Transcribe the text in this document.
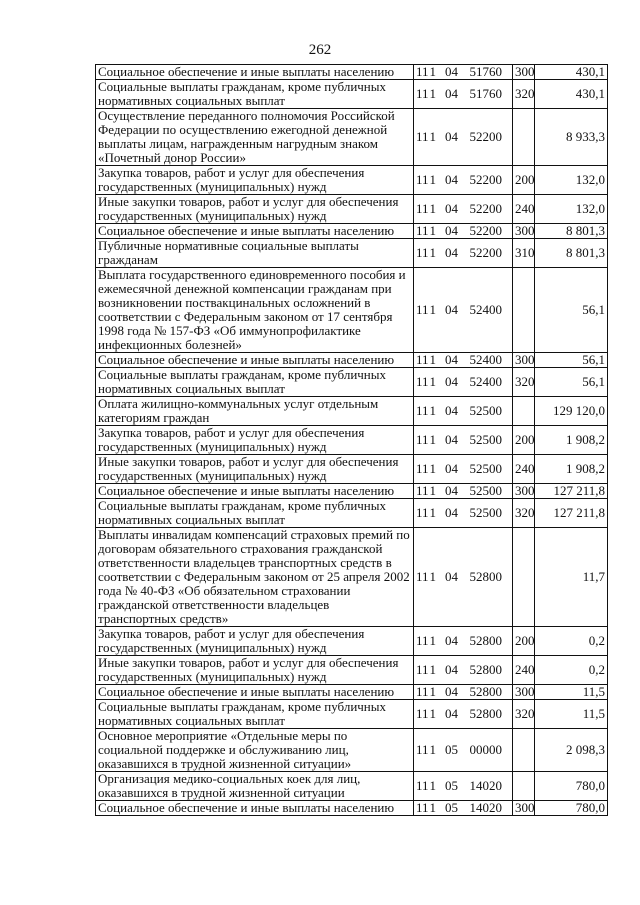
262
Социальное обеспечение и иные выплаты населению	111 04 51760	300	430,1
Социальные выплаты гражданам, кроме публичных нормативных социальных выплат	111 04 51760	320	430,1
Осуществление переданного полномочия Российской Федерации по осуществлению ежегодной денежной выплаты лицам, награжденным нагрудным знаком «Почетный донор России»	111 04 52200		8 933,3
Закупка товаров, работ и услуг для обеспечения государственных (муниципальных) нужд	111 04 52200	200	132,0
Иные закупки товаров, работ и услуг для обеспечения государственных (муниципальных) нужд	111 04 52200	240	132,0
Социальное обеспечение и иные выплаты населению	111 04 52200	300	8 801,3
Публичные нормативные социальные выплаты гражданам	111 04 52200	310	8 801,3
Выплата государственного единовременного пособия и ежемесячной денежной компенсации гражданам при возникновении поствакцинальных осложнений в соответствии с Федеральным законом от 17 сентября 1998 года № 157-ФЗ «Об иммунопрофилактике инфекционных болезней»	111 04 52400		56,1
Социальное обеспечение и иные выплаты населению	111 04 52400	300	56,1
Социальные выплаты гражданам, кроме публичных нормативных социальных выплат	111 04 52400	320	56,1
Оплата жилищно-коммунальных услуг отдельным категориям граждан	111 04 52500		129 120,0
Закупка товаров, работ и услуг для обеспечения государственных (муниципальных) нужд	111 04 52500	200	1 908,2
Иные закупки товаров, работ и услуг для обеспечения государственных (муниципальных) нужд	111 04 52500	240	1 908,2
Социальное обеспечение и иные выплаты населению	111 04 52500	300	127 211,8
Социальные выплаты гражданам, кроме публичных нормативных социальных выплат	111 04 52500	320	127 211,8
Выплаты инвалидам компенсаций страховых премий по договорам обязательного страхования гражданской ответственности владельцев транспортных средств в соответствии с Федеральным законом от 25 апреля 2002 года № 40-ФЗ «Об обязательном страховании гражданской ответственности владельцев транспортных средств»	111 04 52800		11,7
Закупка товаров, работ и услуг для обеспечения государственных (муниципальных) нужд	111 04 52800	200	0,2
Иные закупки товаров, работ и услуг для обеспечения государственных (муниципальных) нужд	111 04 52800	240	0,2
Социальное обеспечение и иные выплаты населению	111 04 52800	300	11,5
Социальные выплаты гражданам, кроме публичных нормативных социальных выплат	111 04 52800	320	11,5
Основное мероприятие «Отдельные меры по социальной поддержке и обслуживанию лиц, оказавшихся в трудной жизненной ситуации»	111 05 00000		2 098,3
Организация медико-социальных коек для лиц, оказавшихся в трудной жизненной ситуации	111 05 14020		780,0
Социальное обеспечение и иные выплаты населению	111 05 14020	300	780,0
